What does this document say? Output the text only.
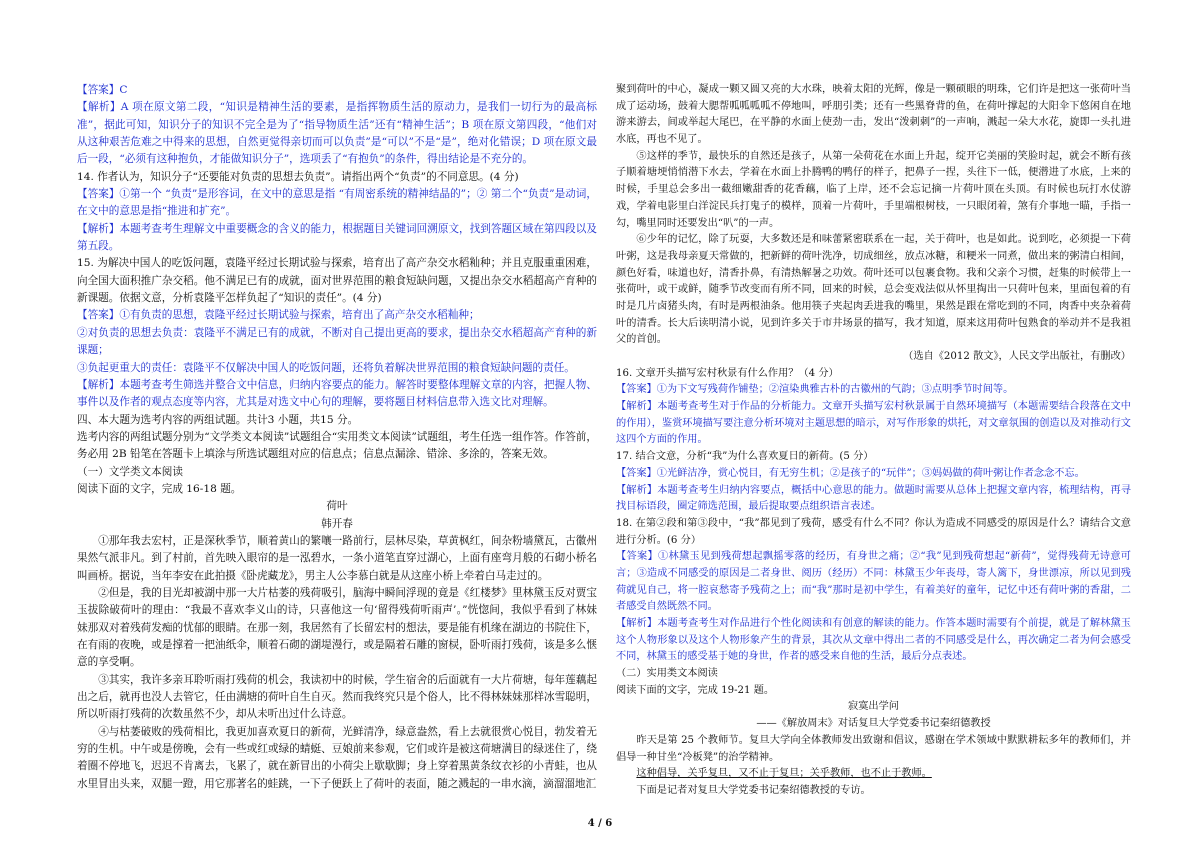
【答案】C

【解析】A 项在原文第二段，“知识是精神生活的要素，是指挥物质生活的原动力，是我们一切行为的最高标准”，据此可知，知识分子的知识不完全是为了“指导物质生活”还有“精神生活”；B 项在原文第四段，“他们对从这种艰苦危难之中得来的思想，自然更觉得亲切而可以负责”是“可以”不是“是”，绝对化错误；D 项在原文最后一段，“必须有这种抱负，才能做知识分子”，选项丢了“有抱负”的条件，得出结论是不充分的。

14. 作者认为，知识分子“还要能对负责的思想去负责”。请指出两个“负责”的不同意思。(4 分)

【答案】①第一个 “负责”是形容词，在文中的意思是指 “有周密系统的精神结晶的”；② 第二个“负责”是动词，在文中的意思是指“推进和扩充”。

【解析】本题考查考生理解文中重要概念的含义的能力，根据题目关键词回溯原文，找到答题区域在第四段以及第五段。

15. 为解决中国人的吃饭问题，袁隆平经过长期试验与探索，培育出了高产杂交水稻籼种；并且克服重重困难，向全国大面积推广杂交稻。他不满足已有的成就，面对世界范围的粮食短缺问题，又提出杂交水稻超高产育种的新课题。依据文意，分析袁隆平怎样负起了“知识的责任”。(4 分)

【答案】①有负责的思想，袁隆平经过长期试验与探索，培育出了高产杂交水稻籼种；

②对负责的思想去负责：袁隆平不满足已有的成就，不断对自己提出更高的要求，提出杂交水稻超高产育种的新课题；

③负起更重大的责任：袁隆平不仅解决中国人的吃饭问题，还将负着解决世界范围的粮食短缺问题的责任。

【解析】本题考查考生筛选并整合文中信息，归纳内容要点的能力。解答时要整体理解文章的内容，把握人物、事件以及作者的观点态度等内容，尤其是对选文中心句的理解，要将题目材料信息带入选文比对理解。

四、本大题为选考内容的两组试题。共计3 小题，共15 分。

选考内容的两组试题分别为“文学类文本阅读”试题组合“实用类文本阅读”试题组，考生任选一组作答。作答前，务必用 2B 铅笔在答题卡上填涂与所选试题组对应的信息点；信息点漏涂、错涂、多涂的，答案无效。

（一）文学类文本阅读

阅读下面的文字，完成 16-18 题。

荷叶

韩开春

①那年我去宏村，正是深秋季节，顺着黄山的繁嚷一路前行，层林尽染，草黄枫红，间杂粉墙黛瓦，古徽州果然气派非凡。到了村前，首先映入眼帘的是一泓碧水，一条小道笔直穿过湖心，上面有座弯月般的石砌小桥名叫画桥。据说，当年李安在此拍摄《卧虎藏龙》，男主人公李慕白就是从这座小桥上牵着白马走过的。

②但是，我的目光却被湖中那一大片枯萎的残荷吸引，脑海中瞬间浮现的竟是《红楼梦》里林黛玉反对贾宝玉拔除破荷叶的理由：“我最不喜欢李义山的诗，只喜他这一句‘留得残荷听雨声’。”恍惚间，我似乎看到了林妹妹那双对着残荷发痴的忧郁的眼睛。在那一刻，我居然有了长留宏村的想法，要是能有机缘在湖边的书院住下，在有雨的夜晚，或是撑着一把油纸伞，顺着石砌的湖堤漫行，或是隔着石雕的窗棂，卧听雨打残荷，该是多么惬意的享受啊。

③其实，我许多亲耳聆听雨打残荷的机会，我读初中的时候，学生宿舍的后面就有一大片荷塘，每年莲藕起出之后，就再也没人去管它，任由满塘的荷叶自生自灭。然而我终究只是个俗人，比不得林妹妹那样冰雪聪明，所以听雨打残荷的次数虽然不少，却从未听出过什么诗意。

④与枯萎破败的残荷相比，我更加喜欢夏日的新荷，光鲜清净，绿意盎然，看上去就很赏心悦目，勃发着无穷的生机。中午或是傍晚，会有一些或红或绿的蜻蜓、豆娘前来参观，它们或许是被这荷塘满目的绿迷住了，绕着圈不停地飞，迟迟不肯离去，飞累了，就在新冒出的小荷尖上歇歇脚；身上穿着黑黄条纹衣衫的小青蛙，也从水里冒出头来，双腿一蹬，用它那著名的蛙跳，一下子便跃上了荷叶的表面，随之溅起的一串水滴，滴溜溜地汇

聚到荷叶的中心，凝成一颗又圆又亮的大水珠，映着太阳的光辉，像是一颗硕眼的明珠，它们许是把这一张荷叶当成了运动场，鼓着大腮帮呱呱呱呱不停地叫，呼朋引类；还有一些黑脊背的鱼，在荷叶撑起的大阳伞下悠闲自在地游来游去，间或举起大尾巴，在平静的水面上使劲一击，发出“泼刺刺”的一声响，溅起一朵大水花，旋即一头扎进水底，再也不见了。

⑤这样的季节，最快乐的自然还是孩子，从第一朵荷花在水面上升起，绽开它美丽的笑脸时起，就会不断有孩子顺着塘埂悄悄潜下水去，学着在水面上扑腾鸭的鸭仔的样子，把鼻子一捏，头往下一低，便潜进了水底，上来的时候，手里总会多出一截细嫩甜香的花香藕，临了上岸，还不会忘记摘一片荷叶顶在头顶。有时候也玩打水仗游戏，学着电影里白洋淀民兵打鬼子的模样，顶着一片荷叶，手里端根树枝，一只眼闭着，煞有介事地一瞄，手指一勾，嘴里同时还要发出“叭”的一声。

⑥少年的记忆，除了玩耍，大多数还是和味蕾紧密联系在一起，关于荷叶，也是如此。说到吃，必须提一下荷叶粥，这是我母亲夏天常做的，把新鲜的荷叶洗净，切成细丝，放点冰糖，和粳米一同煮，做出来的粥清白相间，颜色好看，味道也好，清香扑鼻，有清热解暑之功效。荷叶还可以包裹食物。我和父亲个习惯，赶集的时候带上一张荷叶，或干或鲜，随季节改变而有所不同，回来的时候，总会变戏法似从怀里掏出一只荷叶包来，里面包着的有时是几片卤猪头肉，有时是两根油条。他用筷子夹起肉丢进我的嘴里，果然是跟在常吃到的不同，肉香中夹杂着荷叶的清香。长大后读明清小说，见到许多关于市井场景的描写，我才知道，原来这用荷叶包熟食的举动并不是我祖父的首创。

（选自《2012 散文》，人民文学出版社，有删改）

16. 文章开头描写宏村秋景有什么作用？（4 分）

【答案】①为下文写残荷作铺垫；②渲染典雅古朴的古徽州的气韵；③点明季节时间等。

【解析】本题考查考生对于作品的分析能力。文章开头描写宏村秋景属于自然环境描写（本题需要结合段落在文中的作用），鉴赏环境描写要注意分析环境对主题思想的暗示，对写作形象的烘托，对文章氛围的创造以及对推动行文这四个方面的作用。

17. 结合文意，分析“我”为什么喜欢夏日的新荷。(5 分）

【答案】①光鲜洁净，赏心悦目，有无穷生机；②是孩子的“玩伴”；③妈妈做的荷叶粥让作者念念不忘。

【解析】本题考查考生归纳内容要点，概括中心意思的能力。做题时需要从总体上把握文章内容，梳理结构，再寻找目标语段，圈定筛选范围，最后提取要点组织语言表述。

18. 在第②段和第③段中，“我”都见到了残荷，感受有什么不同？你认为造成不同感受的原因是什么？请结合文意进行分析。(6 分）

【答案】①林黛玉见到残荷想起飘摇零落的经历，有身世之痛；②“我”见到残荷想起“新荷”，觉得残荷无诗意可言；③造成不同感受的原因是二者身世、阅历（经历）不同：林黛玉少年丧母，寄人篱下，身世漂凉，所以见到残荷就见自己，将一腔哀愁寄予残荷之上；而“我”那时是初中学生，有着美好的童年，记忆中还有荷叶粥的香甜，二者感受自然既然不同。

【解析】本题考查考生对作品进行个性化阅读和有创意的解读的能力。作答本题时需要有个前提，就是了解林黛玉这个人物形象以及这个人物形象产生的背景，其次从文章中得出二者的不同感受是什么，再次确定二者为何会感受不同，林黛玉的感受基于她的身世，作者的感受来自他的生活，最后分点表述。

（二）实用类文本阅读

阅读下面的文字，完成 19-21 题。

寂寞出学问

——《解放周末》对话复旦大学党委书记秦绍德教授

昨天是第 25 个教师节。复旦大学向全体教师发出致谢和倡议，感谢在学术领域中默默耕耘多年的教师们，并倡导一种甘坐“冷板凳”的治学精神。

这种倡导，关乎复旦，又不止于复旦；关乎教师，也不止于教师。

下面是记者对复旦大学党委书记秦绍德教授的专访。

4 / 6
